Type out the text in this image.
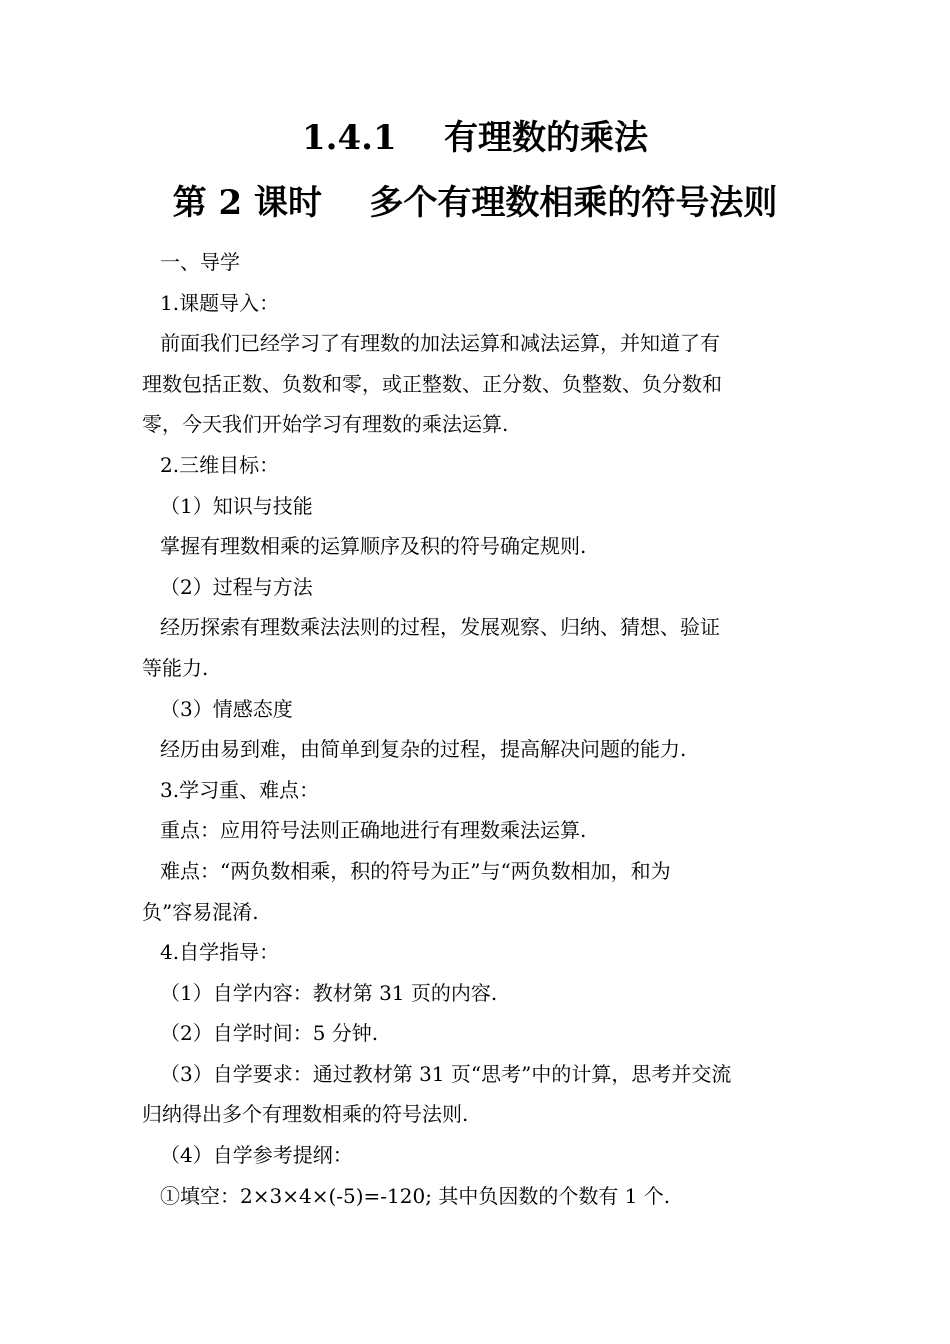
1.4.1    有理数的乘法
第 2 课时    多个有理数相乘的符号法则
一、导学
1.课题导入：
前面我们已经学习了有理数的加法运算和减法运算，并知道了有
理数包括正数、负数和零，或正整数、正分数、负整数、负分数和
零，今天我们开始学习有理数的乘法运算.
2.三维目标：
（1）知识与技能
掌握有理数相乘的运算顺序及积的符号确定规则.
（2）过程与方法
经历探索有理数乘法法则的过程，发展观察、归纳、猜想、验证
等能力.
（3）情感态度
经历由易到难，由简单到复杂的过程，提高解决问题的能力.
3.学习重、难点：
重点：应用符号法则正确地进行有理数乘法运算.
难点：“两负数相乘，积的符号为正”与“两负数相加，和为
负”容易混淆.
4.自学指导：
（1）自学内容：教材第 31 页的内容.
（2）自学时间：5 分钟.
（3）自学要求：通过教材第 31 页“思考”中的计算，思考并交流
归纳得出多个有理数相乘的符号法则.
（4）自学参考提纲：
①填空：2×3×4×(-5)=-120; 其中负因数的个数有 1 个.
